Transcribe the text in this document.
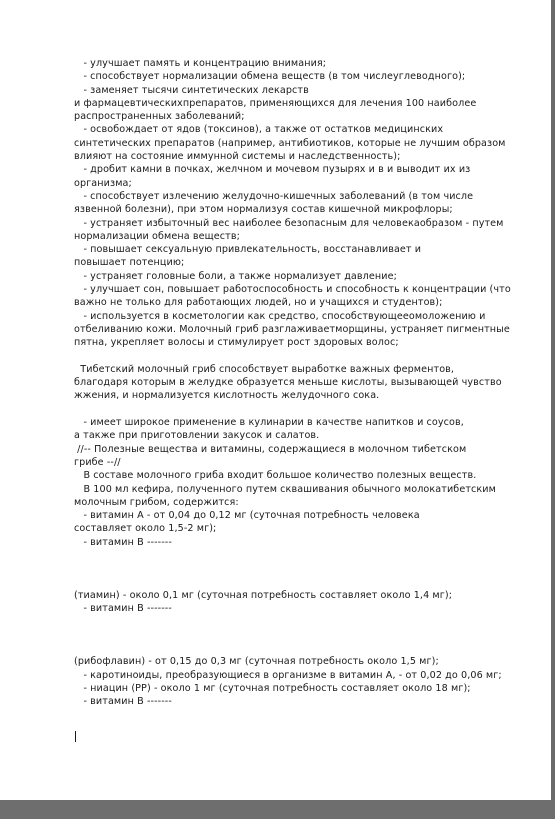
- улучшает память и концентрацию внимания;
- способствует нормализации обмена веществ (в том числеуглеводного);
- заменяет тысячи синтетических лекарств
и фармацевтическихпрепаратов, применяющихся для лечения 100 наиболее
распространенных заболеваний;
- освобождает от ядов (токсинов), а также от остатков медицинских
синтетических препаратов (например, антибиотиков, которые не лучшим образом
влияют на состояние иммунной системы и наследственность);
- дробит камни в почках, желчном и мочевом пузырях и в и выводит их из
организма;
- способствует излечению желудочно-кишечных заболеваний (в том числе
язвенной болезни), при этом нормализуя состав кишечной микрофлоры;
- устраняет избыточный вес наиболее безопасным для человекаобразом - путем
нормализации обмена веществ;
- повышает сексуальную привлекательность, восстанавливает и
повышает потенцию;
- устраняет головные боли, а также нормализует давление;
- улучшает сон, повышает работоспособность и способность к концентрации (что
важно не только для работающих людей, но и учащихся и студентов);
- используется в косметологии как средство, способствующееомоложению и
отбеливанию кожи. Молочный гриб разглаживаетморщины, устраняет пигментные
пятна, укрепляет волосы и стимулирует рост здоровых волос;
Тибетский молочный гриб способствует выработке важных ферментов,
благодаря которым в желудке образуется меньше кислоты, вызывающей чувство
жжения, и нормализуется кислотность желудочного сока.
- имеет широкое применение в кулинарии в качестве напитков и соусов,
а также при приготовлении закусок и салатов.
//-- Полезные вещества и витамины, содержащиеся в молочном тибетском
грибе --//
В составе молочного гриба входит большое количество полезных веществ.
В 100 мл кефира, полученного путем сквашивания обычного молокатибетским
молочным грибом, содержится:
- витамин А - от 0,04 до 0,12 мг (суточная потребность человека
составляет около 1,5-2 мг);
- витамин В -------
(тиамин) - около 0,1 мг (суточная потребность составляет около 1,4 мг);
- витамин В -------
(рибофлавин) - от 0,15 до 0,3 мг (суточная потребность около 1,5 мг);
- каротиноиды, преобразующиеся в организме в витамин А, - от 0,02 до 0,06 мг;
- ниацин (РР) - около 1 мг (суточная потребность составляет около 18 мг);
- витамин В -------
